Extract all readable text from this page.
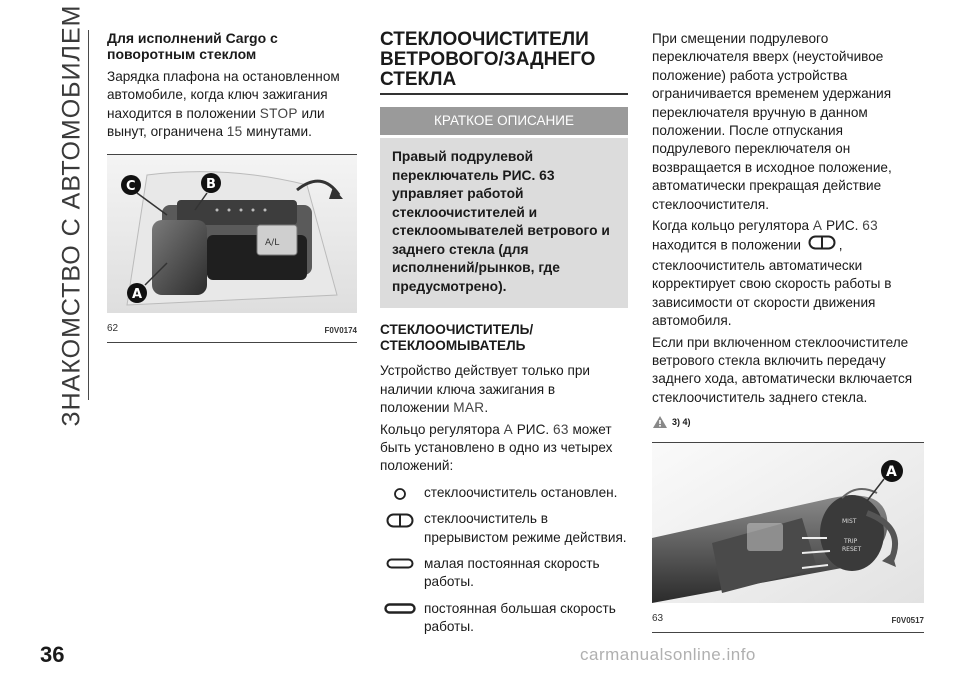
ЗНАКОМСТВО С АВТОМОБИЛЕМ
36
Для исполнений Cargo с поворотным стеклом

Зарядка плафона на остановленном автомобиле, когда ключ зажигания находится в положении STOP или вынут, ограничена 15 минутами.

A/L
A
B
C
62	F0V0174
СТЕКЛООЧИСТИТЕЛИ ВЕТРОВОГО/ЗАДНЕГО СТЕКЛА
КРАТКОЕ ОПИСАНИЕ
Правый подрулевой переключатель РИС. 63 управляет работой стеклоочистителей и стеклоомывателей ветрового и заднего стекла (для исполнений/рынков, где предусмотрено).
СТЕКЛООЧИСТИТЕЛЬ/ СТЕКЛООМЫВАТЕЛЬ

Устройство действует только при наличии ключа зажигания в положении MAR.

Кольцо регулятора A РИС. 63 может быть установлено в одно из четырех положений:

стеклоочиститель остановлен.
стеклоочиститель в прерывистом режиме действия.
малая постоянная скорость работы.
постоянная большая скорость работы.

При смещении подрулевого переключателя вверх (неустойчивое положение) работа устройства ограничивается временем удержания переключателя вручную в данном положении. После отпускания подрулевого переключателя он возвращается в исходное положение, автоматически прекращая действие стеклоочистителя.

Когда кольцо регулятора A РИС. 63 находится в положении	, стеклоочиститель автоматически корректирует свою скорость работы в зависимости от скорости движения автомобиля.

Если при включенном стеклоочистителе ветрового стекла включить передачу заднего хода, автоматически включается стеклоочиститель заднего стекла.

3) 4)
MIST
TRIP
RESET
A
63	F0V0517
carmanualsonline.info
